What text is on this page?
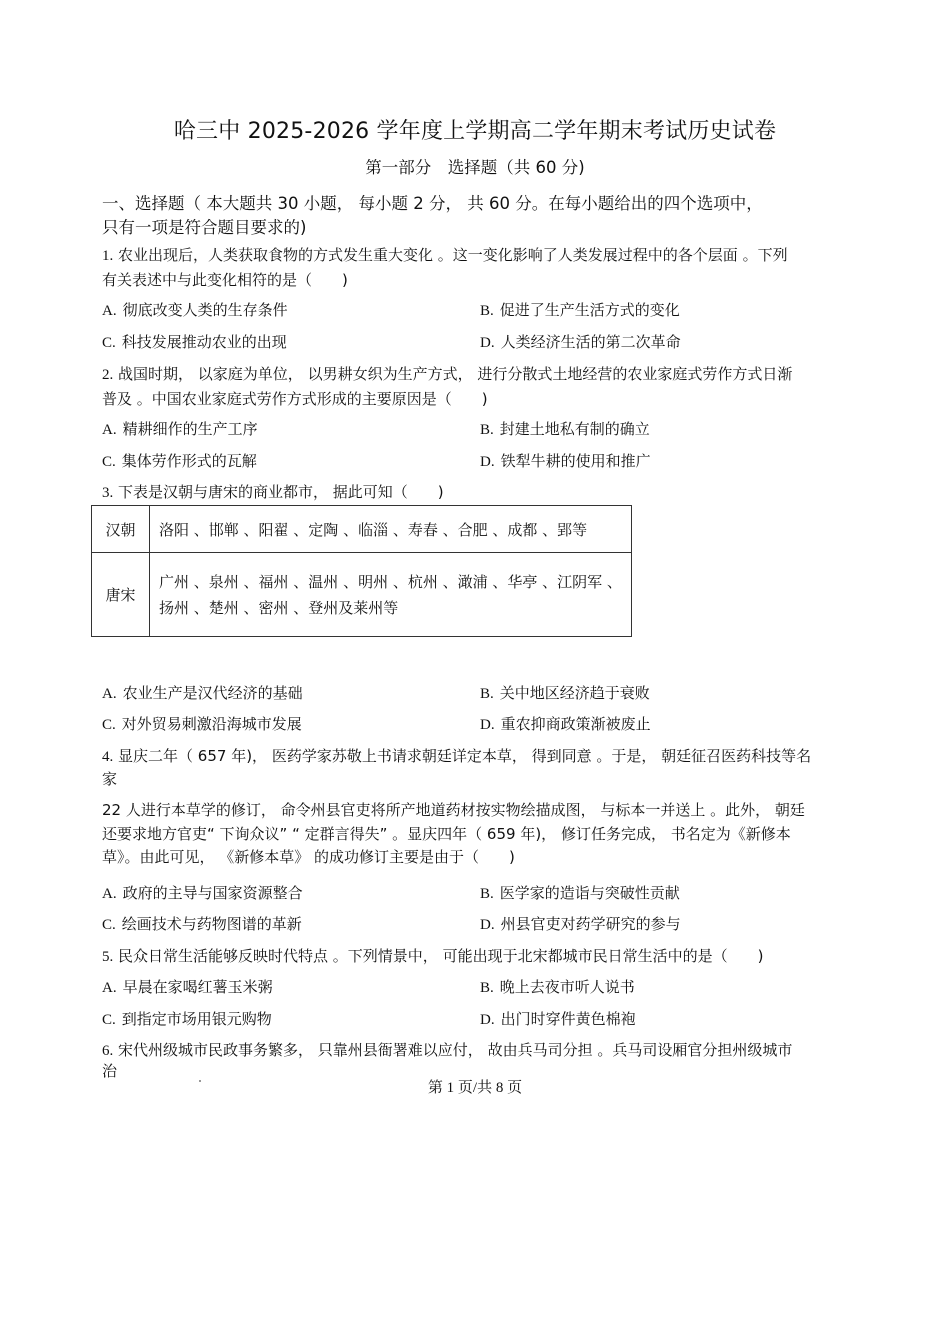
哈三中 2025-2026 学年度上学期高二学年期末考试历史试卷
第一部分　选择题（共 60 分)
一、选择题（ 本大题共 30 小题， 每小题 2 分， 共 60 分。在每小题给出的四个选项中，
只有一项是符合题目要求的)
1. 农业出现后，人类获取食物的方式发生重大变化 。这一变化影响了人类发展过程中的各个层面 。下列
有关表述中与此变化相符的是（　　)
A. 彻底改变人类的生存条件	B. 促进了生产生活方式的变化
C. 科技发展推动农业的出现	D. 人类经济生活的第二次革命
2. 战国时期， 以家庭为单位， 以男耕女织为生产方式， 进行分散式土地经营的农业家庭式劳作方式日渐
普及 。中国农业家庭式劳作方式形成的主要原因是（　　)
A. 精耕细作的生产工序	B. 封建土地私有制的确立
C. 集体劳作形式的瓦解	D. 铁犁牛耕的使用和推广
3. 下表是汉朝与唐宋的商业都市， 据此可知（　　)
汉朝	洛阳 、邯郸 、阳翟 、定陶 、临淄 、寿春 、合肥 、成都 、郢等
唐宋	广州 、泉州 、福州 、温州 、明州 、杭州 、澉浦 、华亭 、江阴军 、扬州 、楚州 、密州 、登州及莱州等
A. 农业生产是汉代经济的基础	B. 关中地区经济趋于衰败
C. 对外贸易刺激沿海城市发展	D. 重农抑商政策渐被废止
4. 显庆二年（ 657 年)， 医药学家苏敬上书请求朝廷详定本草， 得到同意 。于是， 朝廷征召医药科技等名
家
22 人进行本草学的修订， 命令州县官吏将所产地道药材按实物绘描成图， 与标本一并送上 。此外， 朝廷
还要求地方官吏“ 下询众议” “ 定群言得失” 。显庆四年（ 659 年)， 修订任务完成， 书名定为《新修本
草》。由此可见， 《新修本草》 的成功修订主要是由于（　　)
A. 政府的主导与国家资源整合	B. 医学家的造诣与突破性贡献
C. 绘画技术与药物图谱的革新	D. 州县官吏对药学研究的参与
5. 民众日常生活能够反映时代特点 。下列情景中， 可能出现于北宋都城市民日常生活中的是（　　)
A. 早晨在家喝红薯玉米粥	B. 晚上去夜市听人说书
C. 到指定市场用银元购物	D. 出门时穿件黄色棉袍
6. 宋代州级城市民政事务繁多， 只靠州县衙署难以应付， 故由兵马司分担 。兵马司设厢官分担州级城市
治
第 1 页/共 8 页
